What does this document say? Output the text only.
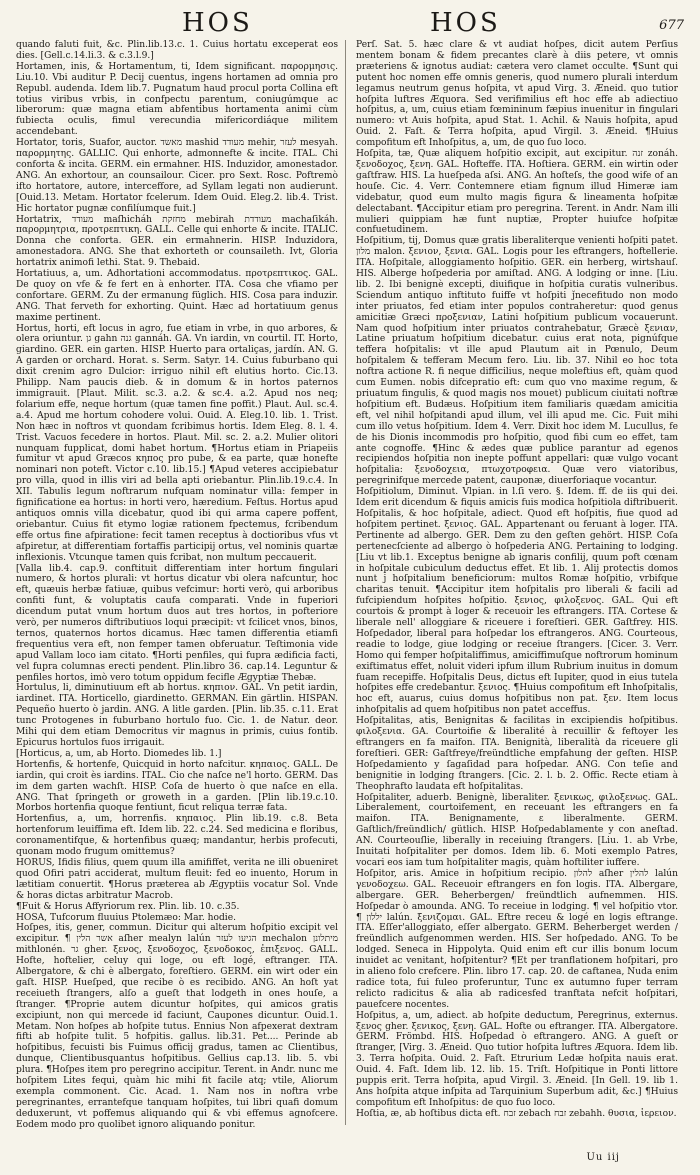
HOS	HOS	677

quando faluti fuit, &c. Plin.lib.13.c. 1. Cuius hortatu exceperat eos dies. [Gell.c.14.li.3. & c.3.l.9.]

Hortamen, inis, & Hortamentum, ti, Idem significant. παρορμησις. Liu.10. Vbi auditur P. Decij cuentus, ingens hortamen ad omnia pro Republ. audenda. Idem lib.7. Pugnatum haud procul porta Collina eft totius viribus vrbis, in confpectu parentum, coniugúmque ac liberorum: quæ magna etiam abfentibus hortamenta animi cùm fubiecta oculis, fimul verecundia mifericordiáque militem accendebant.

Hortator, toris, Suafor, auctor. מאשד mashid מעודד mehir, לעזר mesyah. παρορμητης. GALLIC. Qui enhorte, admonnefte & incite. ITAL. Chi conforta & incita. GERM. ein ermahner. HIS. Induzidor, amonestador. ANG. An exhortour, an counsailour. Cicer. pro Sext. Rosc. Poftremò ifto hortatore, autore, interceffore, ad Syllam legati non audierunt. [Ouid.13. Metam. Hortator fcelerum. Idem Ouid. Eleg.2. lib.4. Trist. Hic hortator pugnæ confilíumque fuit.]

Hortatrix, מעודד maſhicháh מחזקת mebirah מעודדת machaſikáh. παρορμητρια, προτρεπτικη. GALL. Celle qui enhorte & incite. ITALIC. Donna che conforta. GER. ein ermahnerin. HISP. Induzidora, amonestadora. ANG. She that exhorteth or counsaileth. Ivt, Gloria hortatrix animofi lethi. Stat. 9. Thebaid.

Hortatiuus, a, um. Adhortationi accommodatus. προτρεπτικος. GAL. De quoy on vfe & fe fert en à enhorter. ITA. Cosa che vfiamo per confortare. GERM. Zu der ermanung füglich. HIS. Cosa para induzir. ANG. That ferveth for exhorting. Quint. Hæc ad hortatiuum genus maxime pertinent.

Hortus, horti, eft locus in agro, fue etiam in vrbe, in quo arbores, & olera oriuntur. גן gahn גנה gannáh. GA. Vn iardin, vn courtil. IT. Horto, giardino. GER. ein garten. HISP. Huerto para ortaliças, jardín. AN. G. A garden or orchard. Horat. s. Serm. Satyr. 14. Cuius fuburbano qui dixit crenim agro Dulcior: irriguo nihil eft elutius horto. Cic.13. Philipp. Nam paucis dieb. & in domum & in hortos paternos immigrauit. [Plaut. Milit. sc.3. a.2. & sc.4. a.2. Apud nos neq; folarium effe, neque hortum (quæ tamen fine poffit.) Plaut. Aul. sc.4. a.4. Apud me hortum cohodere volui. Ouid. A. Eleg.10. lib. 1. Trist. Non hæc in noftros vt quondam fcribimus hortis. Idem Eleg. 8. l. 4. Trist. Vacuos fecedere in hortos. Plaut. Mil. sc. 2. a.2. Mulier olitori nunquam fupplicat, domi habet hortum. ¶Hortus etiam in Priapeiis fumitur vt apud Græcos κηπος pro pube, & ea parte, quæ honefte nominari non poteft. Victor c.10. lib.15.] ¶Apud veteres accipiebatur pro villa, quod in illis viri ad bella apti oriebantur. Plin.lib.19.c.4. In XII. Tabulis legum noftrarum nufquam nominatur villa: femper in fignificatione ea hortus: in horti vero, hæredium. Feſtus. Hortus apud antiquos omnis villa dicebatur, quod ibi qui arma capere poffent, oriebantur. Cuius fit etymo logiæ rationem fpectemus, fcribendum effe ortus fine afpiratione: fecit tamen receptus à doctioribus vfus vt afpiretur, at differentiam fortaffis participij ortus, vel nominis quartæ inflexionis. Vtcunque tamen quis fcribat, non multum peccauerit.

[Valla lib.4. cap.9. conftituit differentiam inter hortum fingulari numero, & hortos plurali: vt hortus dicatur vbi olera nafcuntur, hoc eft, quæuis herbæ fatiuæ, quibus vefcimur: horti verò, qui arboribus confiti funt, & voluptatis caufa comparati. Vnde in fuperiori dicendum putat vnum hortum duos aut tres hortos, in pofteriore verò, per numeros diftributiuos loqui præcipit: vt fcilicet vnos, binos, ternos, quaternos hortos dicamus. Hæc tamen differentia etiamfi frequentius vera eft, non femper tamen obferuatur. Teſtimonia vide apud Vallam loco iam citato. ¶Horti penfiles, qui fupra ædificia facti, vel fupra columnas erecti pendent. Plin.libro 36. cap.14. Leguntur & penfiles hortos, imò vero totum oppidum fecifle Ægyptiæ Thebæ.

Hortulus, li, diminutiuum eft ab hortus. κηπιον. GAL. Vn petit iardin, iardinet. ITA. Horticello, giardinetto. GERMAN. Ein gärtlin. HISPAN. Pequeño huerto ò jardin. ANG. A litle garden. [Plin. lib.35. c.11. Erat tunc Protogenes in fuburbano hortulo fuo. Cic. 1. de Natur. deor. Mihi qui dem etiam Democritus vir magnus in primis, cuius fontib. Epicurus hortulos fuos irrigauit.

[Horticus, a, um, ab Horto. Diomedes lib. 1.]

Hortenfis, & hortenfe, Quicquid in horto nafcitur. κηπαιος. GALL. De iardin, qui croit ès iardins. ITAL. Cio che naſce ne'l horto. GERM. Das im dem garten wachſt. HISP. Coſa de huerto ò que naſce en ella. ANG. That ſpringeth or groweth in a garden. [Plin lib.19.c.10. Morbos hortenfia quoque fentiunt, ficut reliqua terræ fata.

Hortenfius, a, um, horrenfis. κηπαιος. Plin lib.19. c.8. Beta hortenforum leuiffima eft. Idem lib. 22. c.24. Sed medicina e floribus, coronamentifque, & hortenfibus quæq; mandantur, herbis profecuti, quonam modo frugum omittemus?

HORUS, Ifidis filius, quem quum illa amififfet, verita ne illi obueniret quod Ofiri patri acciderat, multum fleuit: fed eo inuento, Horum in lætitiam conuertit. ¶Horus præterea ab Ægyptiis vocatur Sol. Vnde & horas dictas arbitratur Macrob.

¶Fuit & Horus Affyriorum rex. Plin. lib. 10. c.35.

HOSA, Tufcorum fluuius Ptolemæo: Mar. hodie.

Hoſpes, itis, gener, commun. Dicitur qui alterum hoſpitio excipit vel excipitur. ¶ אשר הלין aſher mealyn lalún הגיעו לעזר mechalon מיתלונן mithlonén. גר gher. ξενος, ξενοδοχος, ξενοδοκος, ἐπιξενος. GALL. Hofte, hoftelier, celuy qui loge, ou eft logé, eftranger. ITA. Albergatore, & chi è albergato, foreſtiero. GERM. ein wirt oder ein gaſt. HISP. Hueſped, que recibe ò es recibido. ANG. An hoſt yat receiueth ſtrangers, alſo a gueſt that lodgeth in ones houſe, a ſtranger. ¶Proprie autem dicuntur hoſpites, qui amicos gratis excipiunt, non qui mercede id faciunt, Caupones dicuntur. Ouid.1. Metam. Non hoſpes ab hoſpite tutus. Ennius Non afpexerat dextram fifti ab hoſpite tulit. 5 hofpitis. gallus. lib.31. Pet.... Perinde ab hoſpitibus, fecuisti bis Fuimus officij gradus, tamen ac Clientibus, dunque, Clientibusquantus hoſpitibus. Gellius cap.13. lib. 5. vbi plura. ¶Hoſpes item pro peregrino accipitur. Terent. in Andr. nunc me hoſpitem Lites fequi, quàm hic mihi fit facile atq; vtile, Aliorum exempla commonent. Cic. Acad. 1. Nam nos in noftra vrbe peregrinantes, errantefque tanquam hoſpites, tui libri quafi domum deduxerunt, vt poffemus aliquando qui & vbi effemus agnofcere. Eodem modo pro quolibet ignoro aliquando ponitur.

Perſ. Sat. 5. hæc clare & vt audiat hoſpes, dicit autem Perſius mentem bonam & fidem precantes clarè à diis petere, vt omnis præteriens & ignotus audiat: cætera vero clamet occulte. ¶Sunt qui putent hoc nomen effe omnis generis, quod numero plurali interdum legamus neutrum genus hoſpita, vt apud Virg. 3. Æneid. quo tutior hoſpita luftres Æquora. Sed verifimilius eft hoc effe ab adiectiuo hoſpitus, a, um, cuius etiam fœmininum fæpius inuenitur in fingulari numero: vt Auis hoſpita, apud Stat. 1. Achil. & Nauis hoſpita, apud Ouid. 2. Faſt. & Terra hoſpita, apud Virgil. 3. Æneid. ¶Huius compofitum eft Inhoſpitus, a, um, de quo ſuo loco.

Hoſpita, tæ, Quæ aliquem hoſpitio excipit, aut excipitur. זנה zonáh. ξενοδοχος, ξενη. GAL. Hofteffe. ITA. Hoſtiera. GERM. ein wirtin oder gaſtfraw. HIS. La hueſpeda aſsi. ANG. An hoſteſs, the good wife of an houſe. Cic. 4. Verr. Contemnere etiam fignum illud Himeræ iam videbatur, quod eum multo magis figura & lineamenta hoſpitæ delectabant. ¶Accipitur etiam pro peregrina. Terent. in Andr. Nam illi mulieri quippiam hæ funt nuptiæ, Propter huiufce hoſpitæ confuetudinem.

Hoſpitium, tij, Domus quæ gratis liberaliterque venienti hoſpiti patet. מלון malon. ξενιον, ξενια. GAL. Logis pour les eftrangers, hoftellerie. ITA. Hoſpitale, alloggiamento hoſpitio. GER. ein herberg, wirtshauſ. HIS. Alberge hoſpederia por amiſtad. ANG. A lodging or inne. [Liu. lib. 2. Ibi benignè excepti, diuifique in hoſpitia curatis vulneribus. Sciendum antiquo inftituto fuiffe vt hoſpiti ǰnecefitudo non modo inter priuatos, fed etiam inter populos contraheretur: quod genus amicitiæ Græci προξενιαν, Latini hoſpitium publicum vocauerunt. Nam quod hoſpitium inter priuatos contrahebatur, Græcè ξενιαν, Latine priuatum hoſpitium dicebatur. cuius erat nota, pignúfque teffera hoſpitalis: vt ille apud Plautum ait in Pœnulo, Deum hoſpitalem & tefferam Mecum fero. Liu. lib. 37. Nihil eo hoc tota noftra actione R. fi neque difficilius, neque moleftius eft, quàm quod cum Eumen. nobis difcepratio eft: cum quo vno maxime regum, & priuatum fingulis, & quod magis nos mouet) publicum ciuitati noftræ hoſpitium eft. Budæus. Hoſpitium item familiaris quædam amicitia eft, vel nihil hoſpitandi apud illum, vel illi apud me. Cic. Fuit mihi cum illo vetus hoſpitium. Idem 4. Verr. Dixit hoc idem M. Lucullus, fe de his Dionis incommodis pro hoſpitio, quod fibi cum eo effet, tam ante cognoffe. ¶Hinc & ædes quæ publice parantur ad egenos recipiendos hoſpitia non inepte poffunt appellari: quæ vulgo vocant hoſpitalia: ξενοδοχεια, πτωχοτροφεια. Quæ vero viatoribus, peregrinifque mercede patent, cauponæ, diuerforiaque vocantur.

Hoſpitiolum, Diminut. Vlpian. in l.ſi vero. §. Idem. ff. de iis qui dei. Idem erit dicendum & fiquis amicis fuis modica hoſpitiola diftribuerit.

Hoſpitalis, & hoc hoſpitale, adiect. Quod eft hoſpitis, fiue quod ad hoſpitem pertinet. ξενιος. GAL. Appartenant ou feruant à loger. ITA. Pertinente ad albergo. GER. Dem zu den geſten gehört. HISP. Coſa pertenecſciente ad albergo ò hoſpederia ANG. Pertaining to lodging. [Liu vt lib.1. Exceptus benigne ab ignaris confilij, quum poft cœnam in hoſpitale cubiculum deductus effet. Et lib. 1. Alij protectis domos nunt j hoſpitalium beneficiorum: multos Romæ hoſpitio, vrbifque charitas tenuit. ¶Accipitur item hoſpitalis pro liberali & facili ad fufcipiendum hoſpites hoſpitio. ξενιος, φιλοξενος. GAL. Qui eft courtois & prompt à loger & receuoir les eftrangers. ITA. Cortese & liberale nell' alloggiare & riceuere i foreſtieri. GER. Gaſtfrey. HIS. Hoſpedador, liberal para hoſpedar los eftrangeros. ANG. Courteous, readie to lodge, giue lodging or receiue ſtrangers. [Cicer. 3. Verr. Homo qui femper hoſpitaliffimus, amiciffimuſque noftrorum hominum exiftimatus effet, noluit videri ipfum illum Rubrium inuitus in domum fuam recepiffe. Hoſpitalis Deus, dictus eft Iupiter, quod in eius tutela hoſpites effe credebantur. ξενιος. ¶Huius compofitum eft Inhoſpitalis, hoc eft, auarus, cuius domus hoſpitibus non pat. ξεν. Item locus inhoſpitalis ad quem hoſpitibus non patet acceffus.

Hoſpitalitas, atis, Benignitas & facilitas in excipiendis hoſpitibus. φιλοξενια. GA. Courtoifie & liberalité à recuillir & feftoyer les eftrangers en fa maifon. ITA. Benignità, liberalità da riceuere gli foreſtieri. GER: Gaſtfreye/freündtliche empfahung der geſten. HISP. Hoſpedamiento y ſagaſidad para hoſpedar. ANG. Con teſie and benignitie in lodging ſtrangers. [Cic. 2. l. b. 2. Offic. Recte etiam à Theophrafto laudata eft hoſpitalitas.

Hoſpitaliter, aduerb. Benignè, liberaliter. ξενικως, φιλοξενως. GAL. Liberalement, courtoifement, en receuant les eftrangers en fa maifon. ITA. Benignamente, ε liberalmente. GERM. Gaſtlich/freündlich/ gütlich. HISP. Hoſpedablamente y con aneſtad. AN. Courteouſlie, liberally in receiuing ſtrangers. [Liu. 1. ab Vrbe, Inuitati hoſpitaliter per domos. Idem lib. 6. Moti exemplo Patres, vocari eos iam tum hoſpitaliter magis, quàm hoftiliter iuffere.

Hoſpitor, aris. Amice in hoſpitium recipio. להלון aſher להלין lalún γενοδοχεω. GAL. Receuoir eftrangers en fon logis. ITA. Albergare, albergare. GER. Beherbergen/ freündtlich aufnemmen. HIS. Hoſpedar ò amounda. ANG. To receiue in lodging. ¶ vel hoſpitio vtor. ¶ יללון lalún. ξενιζομαι. GAL. Eftre receu & logé en logis eftrange. ITA. Eſſer'alloggiato, eſſer albergato. GERM. Beherberget werden / freündlich aufgenommen werden. HIS. Ser hoſpedado. ANG. To be lodged. Seneca in Hippolyta. Quid enim eft cur illis bonum locum inuidet ac venitant, hoſpitentur? ¶Et per tranflationem hoſpitari, pro in alieno folo crefcere. Plin. libro 17. cap. 20. de caftanea, Nuda enim radice tota, fui fuleo proferuntur, Tunc ex autumno fuper terram relicto radicitus & alia ab radicesfed tranftata nefcit hoſpitari, pauefcere nocentes.

Hoſpitus, a, um, adiect. ab hoſpite deductum, Peregrinus, externus. ξενος gher. ξενικος, ξενη. GAL. Hofte ou eftranger. ITA. Albergatore. GERM. Frömbd. HIS. Hoſpedad ò eftrangero. ANG. A gueſt or ſtranger, [Virg. 3. Æneid. Quo tutior hoſpita luftres Æquora. Idem lib. 3. Terra hoſpita. Ouid. 2. Faſt. Etrurium Ledæ hoſpita nauis erat. Ouid. 4. Faſt. Idem lib. 12. lib. 15. Triſt. Hoſpitique in Ponti littore puppis erit. Terra hoſpita, apud Virgil. 3. Æneid. [In Gell. 19. lib 1. Ans hoſpita atque inſpita ad Tarquinium Superbum adit, &c.] ¶Huius compofitum eft Inhoſpitus: de quo fuo loco.

Hoſtia, æ, ab hoſtibus dicta eft. זבח zebach זבח zebahh. θυσια, ἱερειον.

Uu iij
